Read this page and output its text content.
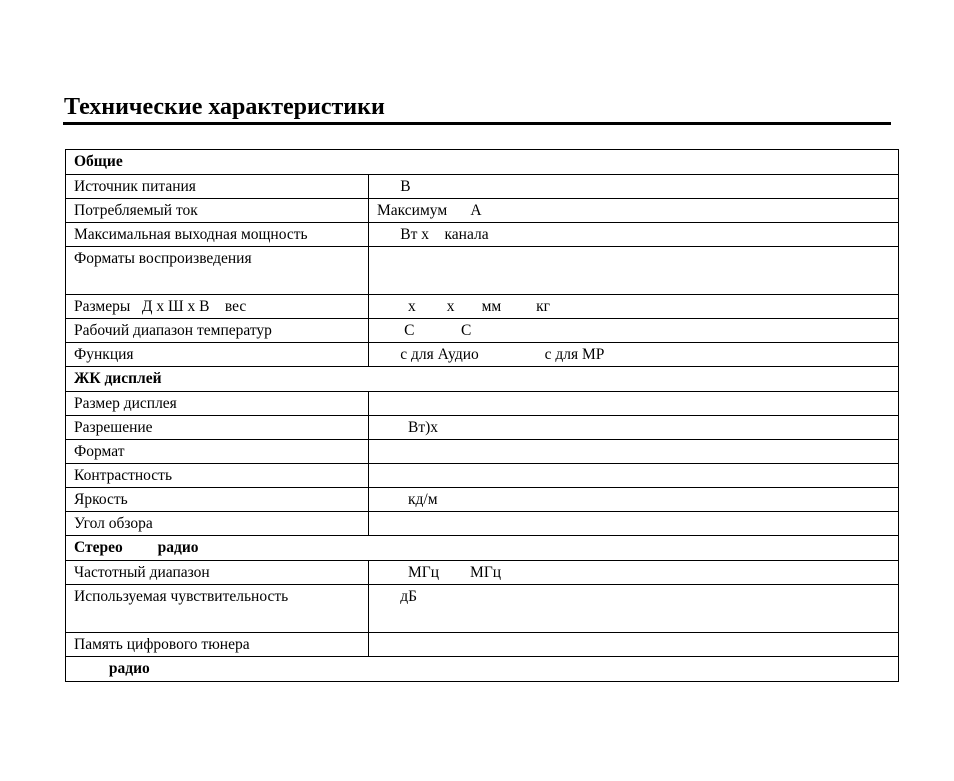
Технические характеристики
Общие	
Источник питания	В
Потребляемый ток	Максимум      А
Максимальная выходная мощность	Вт х    канала
Форматы воспроизведения	
Размеры   Д х Ш х В    вес	х        х       мм         кг
Рабочий диапазон температур	С            С
Функция	с для Аудио                 с для МР
ЖК дисплей	
Размер дисплея	
Разрешение	Вт)х
Формат	
Контрастность	
Яркость	кд/м
Угол обзора	
Стерео         радио	
Частотный диапазон	МГц        МГц
Используемая чувствительность	дБ
Память цифрового тюнера	
радио	
